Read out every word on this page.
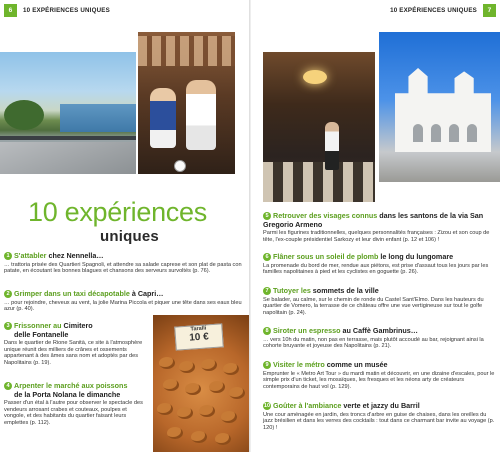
6	10 EXPÉRIENCES UNIQUES
10 expériences
uniques
1 S'attabler chez Nennella…
… trattoria prisée des Quartieri Spagnoli, et attendre sa salade caprese et son plat de pasta con patate, en écoutant les bonnes blagues et chansons des serveurs survoltés (p. 76).
2 Grimper dans un taxi décapotable à Capri…
… pour rejoindre, cheveux au vent, la jolie Marina Piccola et piquer une tête dans ses eaux bleu azur (p. 40).
3 Frissonner au Cimitero
delle Fontanelle
Dans le quartier de Rione Sanità, ce site à l'atmosphère unique réunit des milliers de crânes et ossements appartenant à des âmes sans nom et adoptés par des Napolitains (p. 19).
4 Arpenter le marché aux poissons
de la Porta Nolana le dimanche
Passer d'un étal à l'autre pour observer le spectacle des vendeurs arrosant crabes et couteaux, poulpes et vongole, et des habitants du quartier faisant leurs emplettes (p. 112).
Taralli
10 €
10 EXPÉRIENCES UNIQUES	7
5 Retrouver des visages connus dans les santons de la via San Gregorio Armeno
Parmi les figurines traditionnelles, quelques personnalités françaises : Zizou et son coup de tête, l'ex-couple présidentiel Sarkozy et leur divin enfant (p. 12 et 106) !
6 Flâner sous un soleil de plomb le long du lungomare
La promenade du bord de mer, rendue aux piétons, est prise d'assaut tous les jours par les familles napolitaines à pied et les cyclistes en goguette (p. 26).
7 Tutoyer les sommets de la ville
Se balader, au calme, sur le chemin de ronde du Castel Sant'Elmo. Dans les hauteurs du quartier de Vomero, la terrasse de ce château offre une vue vertigineuse sur tout le golfe napolitain (p. 24).
8 Siroter un espresso au Caffè Gambrinus…
… vers 10h du matin, non pas en terrasse, mais plutôt accoudé au bar, rejoignant ainsi la cohorte bruyante et joyeuse des Napolitains (p. 21).
9 Visiter le métro comme un musée
Emprunter le « Metro Art Tour » du mardi matin et découvrir, en une dizaine d'escales, pour le simple prix d'un ticket, les mosaïques, les fresques et les néons arty de créateurs contemporains de haut vol (p. 129).
10 Goûter à l'ambiance verte et jazzy du Barril
Une cour aménagée en jardin, des troncs d'arbre en guise de chaises, dans les oreilles du jazz brésilien et dans les verres des cocktails : tout dans ce charmant bar invite au voyage (p. 120) !
